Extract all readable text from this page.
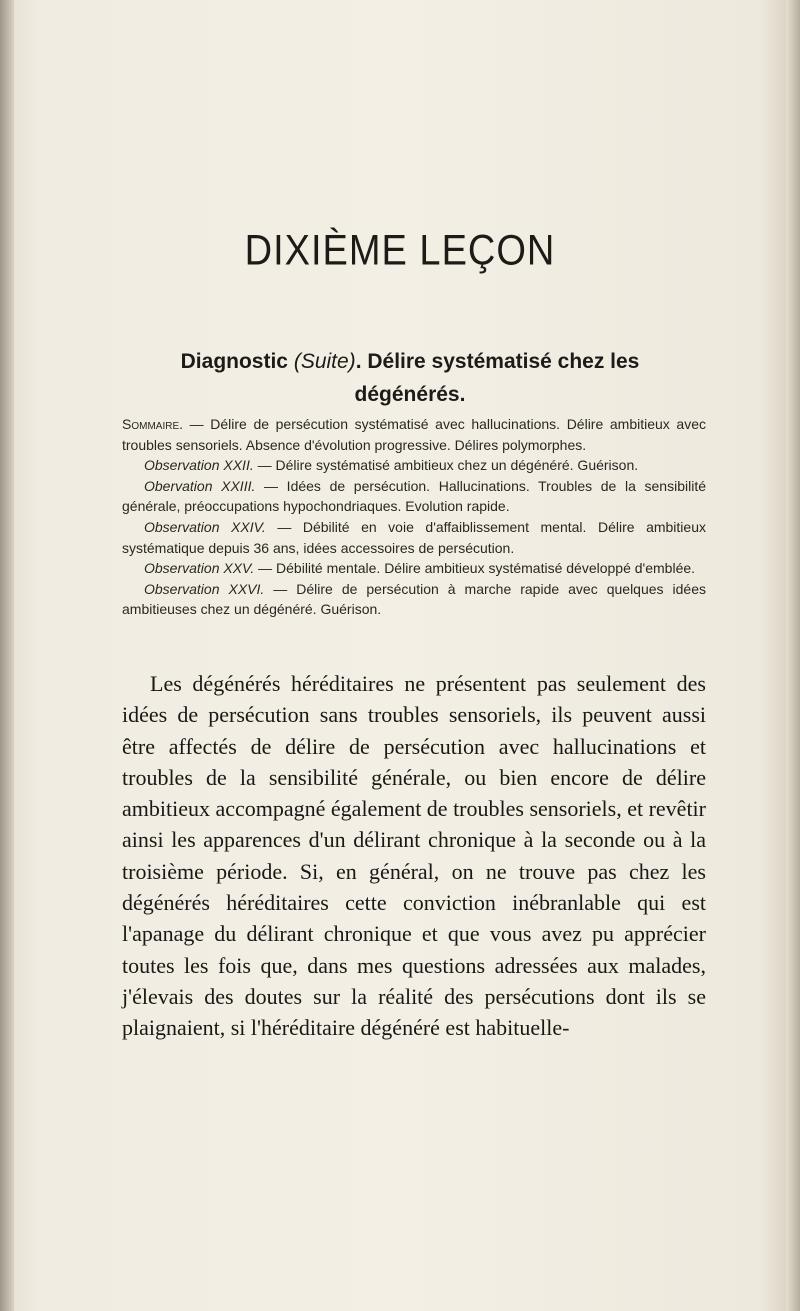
DIXIÈME LEÇON
Diagnostic (Suite). Délire systématisé chez les dégénérés.

Sommaire. — Délire de persécution systématisé avec hallucinations. Délire ambitieux avec troubles sensoriels. Absence d'évolution progressive. Délires polymorphes.

Observation XXII. — Délire systématisé ambitieux chez un dégénéré. Guérison.

Obervation XXIII. — Idées de persécution. Hallucinations. Troubles de la sensibilité générale, préoccupations hypochondriaques. Evolution rapide.

Observation XXIV. — Débilité en voie d'affaiblissement mental. Délire ambitieux systématique depuis 36 ans, idées accessoires de persécution.

Observation XXV. — Débilité mentale. Délire ambitieux systématisé développé d'emblée.

Observation XXVI. — Délire de persécution à marche rapide avec quelques idées ambitieuses chez un dégénéré. Guérison.

Les dégénérés héréditaires ne présentent pas seulement des idées de persécution sans troubles sensoriels, ils peuvent aussi être affectés de délire de persécution avec hallucinations et troubles de la sensibilité générale, ou bien encore de délire ambitieux accompagné également de troubles sensoriels, et revêtir ainsi les apparences d'un délirant chronique à la seconde ou à la troisième période. Si, en général, on ne trouve pas chez les dégénérés héréditaires cette conviction inébranlable qui est l'apanage du délirant chronique et que vous avez pu apprécier toutes les fois que, dans mes questions adressées aux malades, j'élevais des doutes sur la réalité des persécutions dont ils se plaignaient, si l'héréditaire dégénéré est habituelle-
